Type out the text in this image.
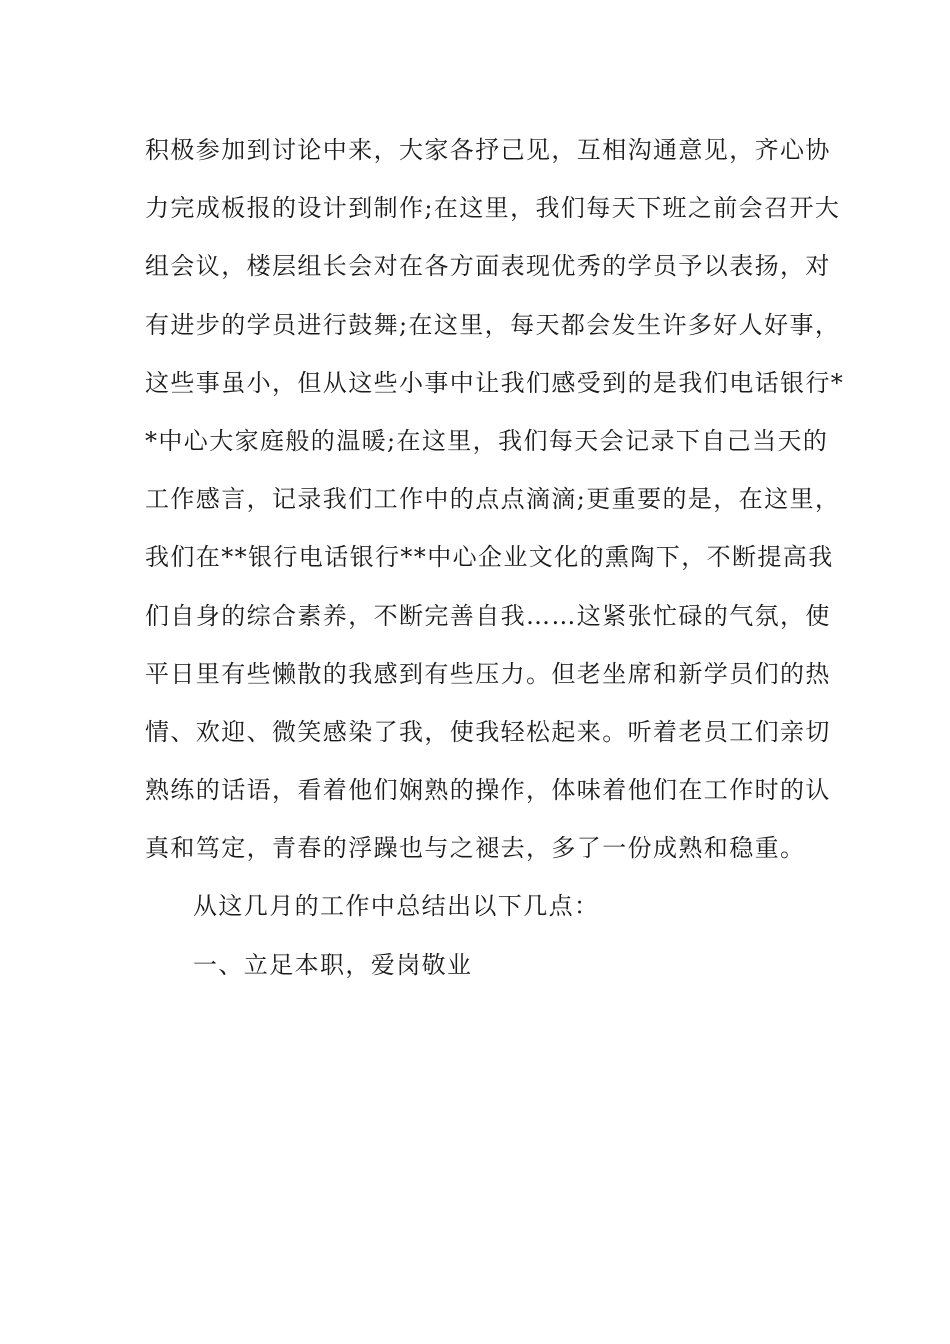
积极参加到讨论中来，大家各抒己见，互相沟通意见，齐心协
力完成板报的设计到制作;在这里，我们每天下班之前会召开大
组会议，楼层组长会对在各方面表现优秀的学员予以表扬，对
有进步的学员进行鼓舞;在这里，每天都会发生许多好人好事，
这些事虽小，但从这些小事中让我们感受到的是我们电话银行*
*中心大家庭般的温暖;在这里，我们每天会记录下自己当天的
工作感言，记录我们工作中的点点滴滴;更重要的是，在这里，
我们在**银行电话银行**中心企业文化的熏陶下，不断提高我
们自身的综合素养，不断完善自我……这紧张忙碌的气氛，使
平日里有些懒散的我感到有些压力。但老坐席和新学员们的热
情、欢迎、微笑感染了我，使我轻松起来。听着老员工们亲切
熟练的话语，看着他们娴熟的操作，体味着他们在工作时的认
真和笃定，青春的浮躁也与之褪去，多了一份成熟和稳重。
从这几月的工作中总结出以下几点：
一、立足本职，爱岗敬业
